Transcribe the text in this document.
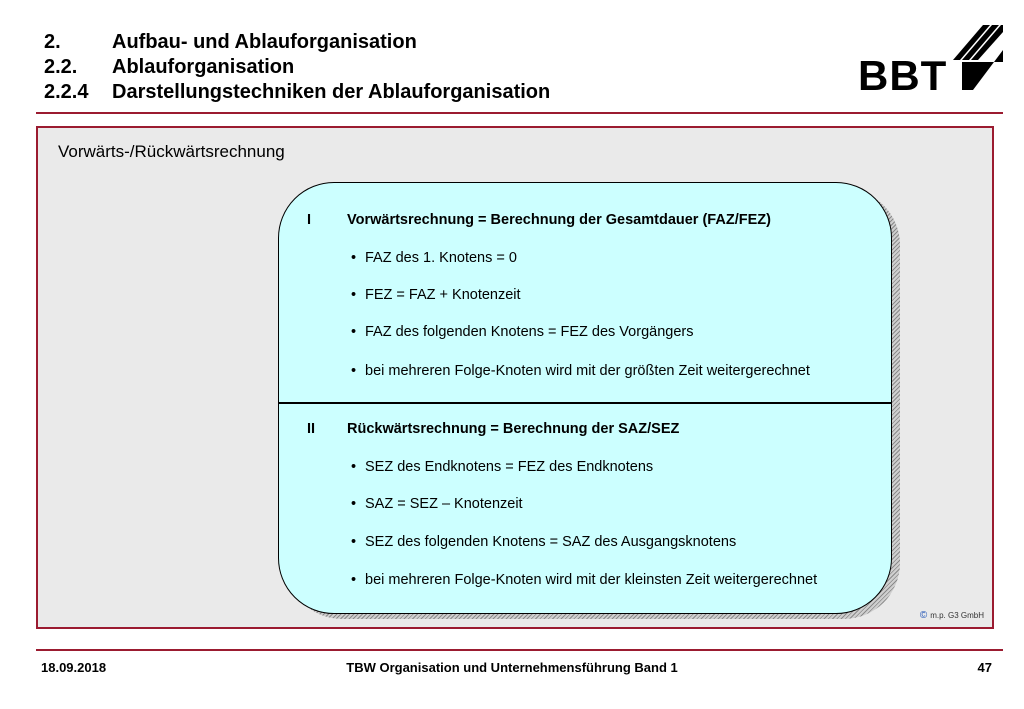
2.	Aufbau- und Ablauforganisation
2.2. Ablauforganisation
2.2.4 Darstellungstechniken der Ablauforganisation	BBT
Vorwärts-/Rückwärtsrechnung
I Vorwärtsrechnung = Berechnung der Gesamtdauer (FAZ/FEZ)
• FAZ des 1. Knotens = 0
• FEZ = FAZ + Knotenzeit
• FAZ des folgenden Knotens = FEZ des Vorgängers
• bei mehreren Folge-Knoten wird mit der größten Zeit weitergerechnet
II Rückwärtsrechnung = Berechnung der SAZ/SEZ
• SEZ des Endknotens = FEZ des Endknotens
• SAZ = SEZ – Knotenzeit
• SEZ des folgenden Knotens = SAZ des Ausgangsknotens
• bei mehreren Folge-Knoten wird mit der kleinsten Zeit weitergerechnet
© m.p. G3 GmbH
18.09.2018	TBW Organisation und Unternehmensführung Band 1	47
